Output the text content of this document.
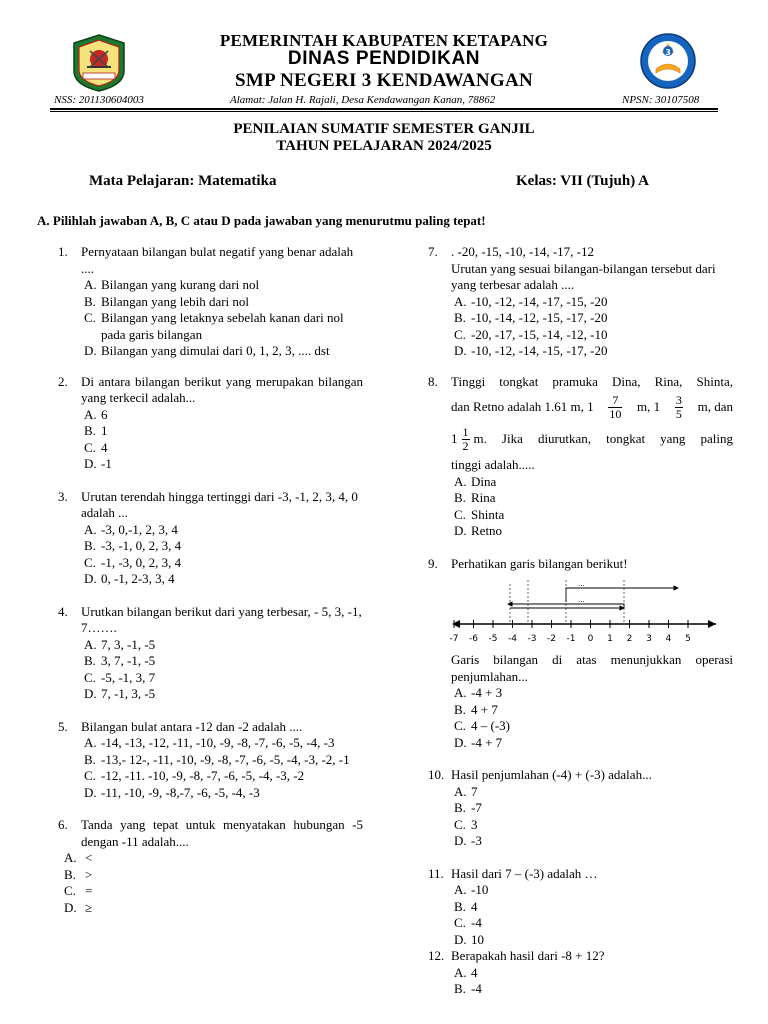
3
PEMERINTAH KABUPATEN KETAPANG
DINAS PENDIDIKAN
SMP NEGERI 3 KENDAWANGAN
NSS: 201130604003	Alamat: Jalan H. Rajali, Desa Kendawangan Kanan, 78862	NPSN: 30107508
PENILAIAN SUMATIF SEMESTER GANJIL
TAHUN PELAJARAN 2024/2025
Mata Pelajaran: Matematika	Kelas: VII (Tujuh) A
A. Pilihlah jawaban A, B, C atau D pada jawaban yang menurutmu paling tepat!
1. Pernyataan bilangan bulat negatif yang benar adalah ....
A. Bilangan yang kurang dari nol
B. Bilangan yang lebih dari nol
C. Bilangan yang letaknya sebelah kanan dari nol pada garis bilangan
D. Bilangan yang dimulai dari 0, 1, 2, 3, .... dst
2. Di antara bilangan berikut yang merupakan bilangan yang terkecil adalah...
A. 6
B. 1
C. 4
D. -1
3. Urutan terendah hingga tertinggi dari -3, -1, 2, 3, 4, 0 adalah ...
A. -3, 0,-1, 2, 3, 4
B. -3, -1, 0, 2, 3, 4
C. -1, -3, 0, 2, 3, 4
D. 0, -1, 2-3, 3, 4
4. Urutkan bilangan berikut dari yang terbesar, - 5, 3, -1, 7…….
A. 7, 3, -1, -5
B. 3, 7, -1, -5
C. -5, -1, 3, 7
D. 7, -1, 3, -5
5. Bilangan bulat antara -12 dan -2 adalah ....
A. -14, -13, -12, -11, -10, -9, -8, -7, -6, -5, -4, -3
B. -13,- 12-, -11, -10, -9, -8, -7, -6, -5, -4, -3, -2, -1
C. -12, -11. -10, -9, -8, -7, -6, -5, -4, -3, -2
D. -11, -10, -9, -8,-7, -6, -5, -4, -3
6. Tanda yang tepat untuk menyatakan hubungan -5 dengan -11 adalah....
A. <
B. >
C. =
D. ≥
7. . -20, -15, -10, -14, -17, -12
Urutan yang sesuai bilangan-bilangan tersebut dari yang terbesar adalah ....
A. -10, -12, -14, -17, -15, -20
B. -10, -14, -12, -15, -17, -20
C. -20, -17, -15, -14, -12, -10
D. -10, -12, -14, -15, -17, -20
8. Tinggi tongkat pramuka Dina, Rina, Shinta,
dan Retno adalah 1.61 m, $1 \frac{7}{10} m$, $1 \frac{3}{5} m$, dan
$1 \frac{1}{2} m$. Jika diurutkan, tongkat yang paling
tinggi adalah.....
A. Dina
B. Rina
C. Shinta
D. Retno
9. Perhatikan garis bilangan berikut!
...
...
-7 -6 -5 -4 -3 -2 -1 0 1 2 3 4 5
Garis bilangan di atas menunjukkan operasi penjumlahan...
A. -4 + 3
B. 4 + 7
C. 4 – (-3)
D. -4 + 7
10. Hasil penjumlahan (-4) + (-3) adalah...
A. 7
B. -7
C. 3
D. -3
11. Hasil dari 7 – (-3) adalah …
A. -10
B. 4
C. -4
D. 10
12. Berapakah hasil dari -8 + 12?
A. 4
B. -4
